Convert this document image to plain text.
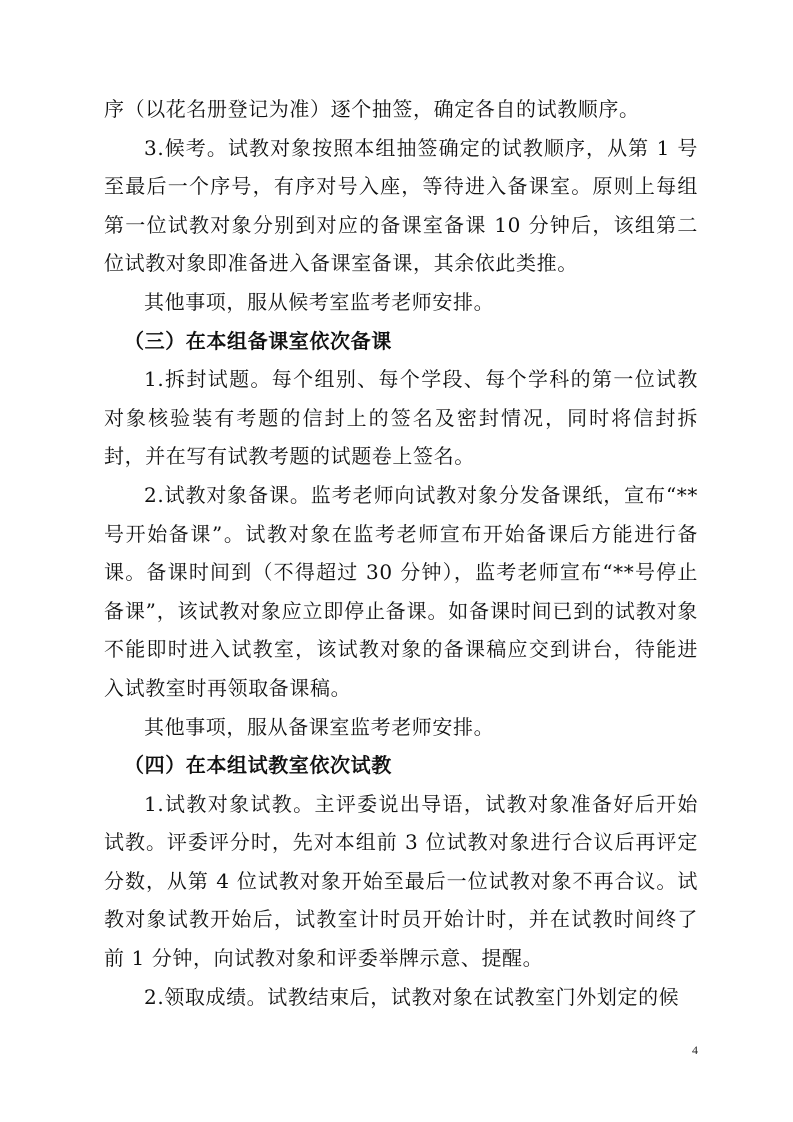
序（以花名册登记为准）逐个抽签，确定各自的试教顺序。

3.候考。试教对象按照本组抽签确定的试教顺序，从第 1 号至最后一个序号，有序对号入座，等待进入备课室。原则上每组第一位试教对象分别到对应的备课室备课 10 分钟后，该组第二位试教对象即准备进入备课室备课，其余依此类推。

其他事项，服从候考室监考老师安排。

（三）在本组备课室依次备课

1.拆封试题。每个组别、每个学段、每个学科的第一位试教对象核验装有考题的信封上的签名及密封情况，同时将信封拆封，并在写有试教考题的试题卷上签名。

2.试教对象备课。监考老师向试教对象分发备课纸，宣布“**号开始备课”。试教对象在监考老师宣布开始备课后方能进行备课。备课时间到（不得超过 30 分钟），监考老师宣布“**号停止备课”，该试教对象应立即停止备课。如备课时间已到的试教对象不能即时进入试教室，该试教对象的备课稿应交到讲台，待能进入试教室时再领取备课稿。

其他事项，服从备课室监考老师安排。

（四）在本组试教室依次试教

1.试教对象试教。主评委说出导语，试教对象准备好后开始试教。评委评分时，先对本组前 3 位试教对象进行合议后再评定分数，从第 4 位试教对象开始至最后一位试教对象不再合议。试教对象试教开始后，试教室计时员开始计时，并在试教时间终了前 1 分钟，向试教对象和评委举牌示意、提醒。

2.领取成绩。试教结束后，试教对象在试教室门外划定的候

4
